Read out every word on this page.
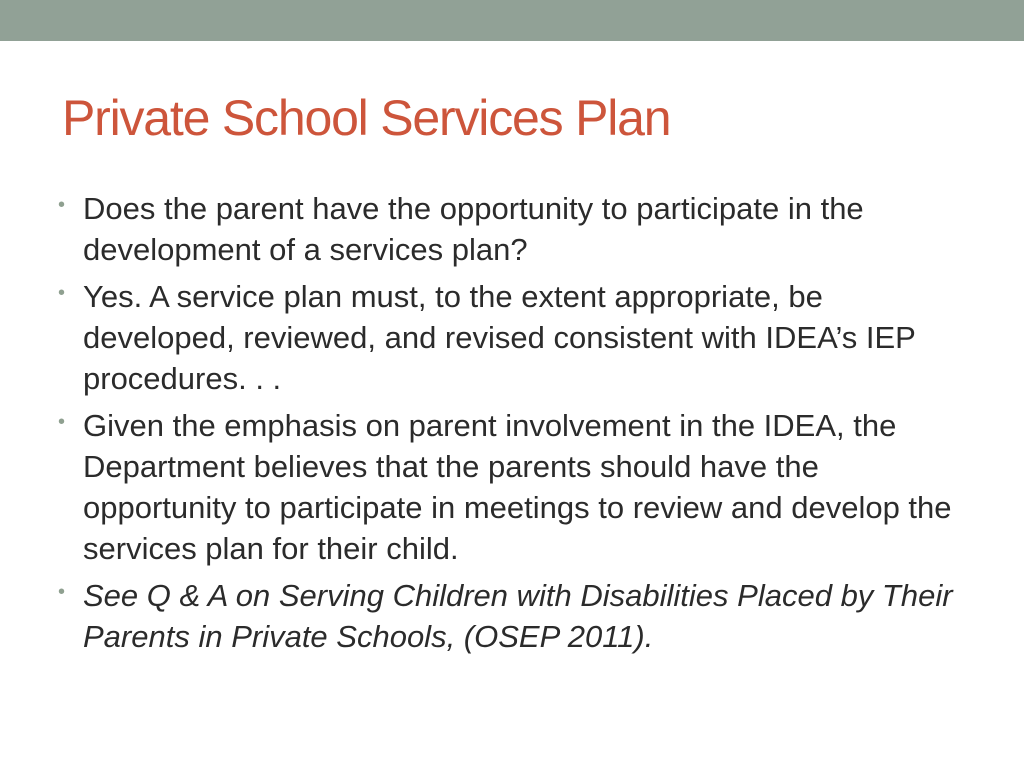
Private School Services Plan
• Does the parent have the opportunity to participate in the development of a services plan?
• Yes. A service plan must, to the extent appropriate, be developed, reviewed, and revised consistent with IDEA’s IEP procedures. . .
• Given the emphasis on parent involvement in the IDEA, the Department believes that the parents should have the opportunity to participate in meetings to review and develop the services plan for their child.
• See Q & A on Serving Children with Disabilities Placed by Their Parents in Private Schools, (OSEP 2011).
